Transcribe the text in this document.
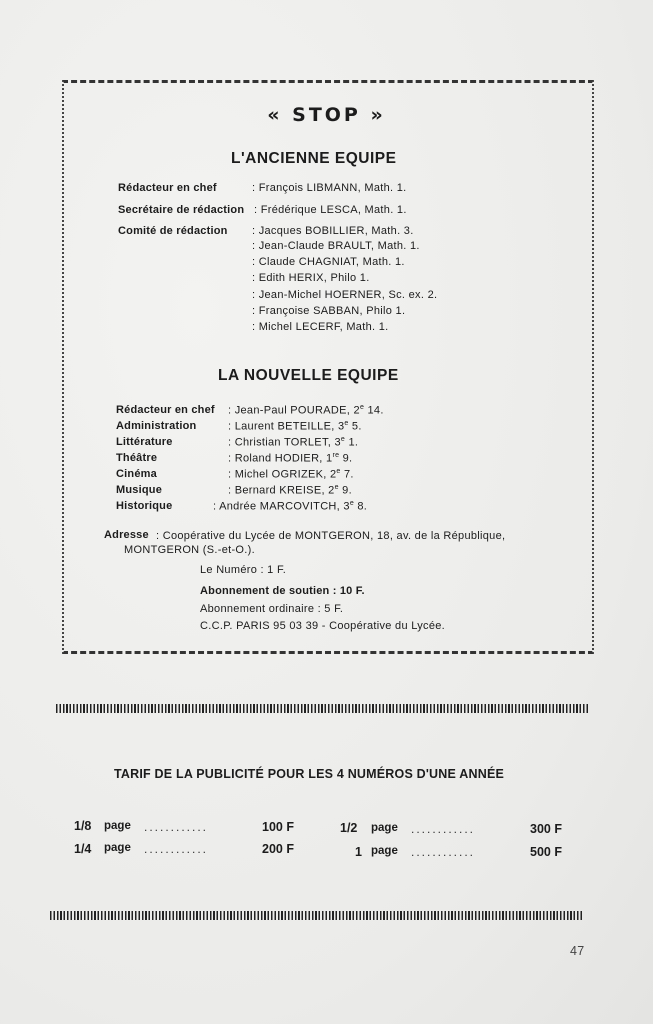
« STOP »
L'ANCIENNE EQUIPE
Rédacteur en chef	: François LIBMANN, Math. 1.
Secrétaire de rédaction : Frédérique LESCA, Math. 1.
Comité de rédaction : Jacques BOBILLIER, Math. 3.
: Jean-Claude BRAULT, Math. 1.
: Claude CHAGNIAT, Math. 1.
: Edith HERIX, Philo 1.
: Jean-Michel HOERNER, Sc. ex. 2.
: Françoise SABBAN, Philo 1.
: Michel LECERF, Math. 1.
LA NOUVELLE EQUIPE
Rédacteur en chef : Jean-Paul POURADE, 2e 14.
Administration	: Laurent BETEILLE, 3e 5.
Littérature	: Christian TORLET, 3e 1.
Théâtre	: Roland HODIER, 1re 9.
Cinéma	: Michel OGRIZEK, 2e 7.
Musique	: Bernard KREISE, 2e 9.
Historique	: Andrée MARCOVITCH, 3e 8.
Adresse : Coopérative du Lycée de MONTGERON, 18, av. de la République,
MONTGERON (S.-et-O.).
Le Numéro : 1 F.
Abonnement de soutien : 10 F.
Abonnement ordinaire : 5 F.
C.C.P. PARIS 95 03 39 - Coopérative du Lycée.
TARIF DE LA PUBLICITÉ POUR LES 4 NUMÉROS D'UNE ANNÉE
1/8 page ............	100 F
1/4 page ............	200 F
1/2 page ............	300 F
1 page ............	500 F
47
